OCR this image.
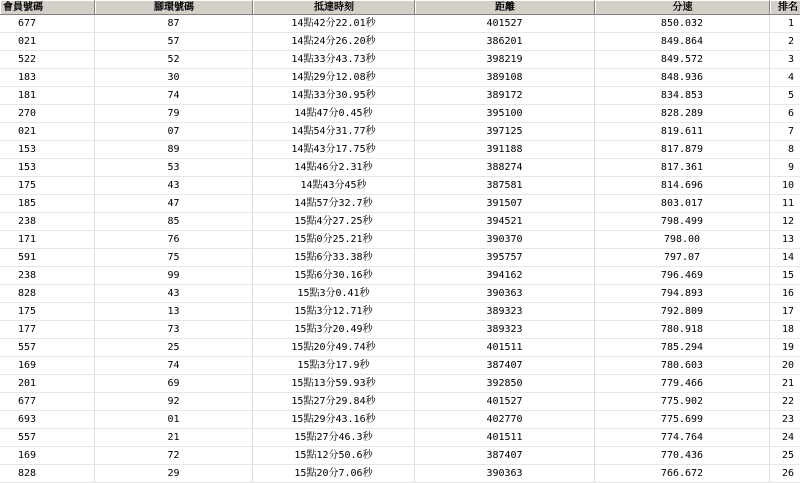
會員號碼	腳環號碼	抵達時刻	距離	分速	排名
677	87	14點42分22.01秒	401527	850.032	1
021	57	14點24分26.20秒	386201	849.864	2
522	52	14點33分43.73秒	398219	849.572	3
183	30	14點29分12.08秒	389108	848.936	4
181	74	14點33分30.95秒	389172	834.853	5
270	79	14點47分0.45秒	395100	828.289	6
021	07	14點54分31.77秒	397125	819.611	7
153	89	14點43分17.75秒	391188	817.879	8
153	53	14點46分2.31秒	388274	817.361	9
175	43	14點43分45秒	387581	814.696	10
185	47	14點57分32.7秒	391507	803.017	11
238	85	15點4分27.25秒	394521	798.499	12
171	76	15點0分25.21秒	390370	798.00	13
591	75	15點6分33.38秒	395757	797.07	14
238	99	15點6分30.16秒	394162	796.469	15
828	43	15點3分0.41秒	390363	794.893	16
175	13	15點3分12.71秒	389323	792.809	17
177	73	15點3分20.49秒	389323	780.918	18
557	25	15點20分49.74秒	401511	785.294	19
169	74	15點3分17.9秒	387407	780.603	20
201	69	15點13分59.93秒	392850	779.466	21
677	92	15點27分29.84秒	401527	775.902	22
693	01	15點29分43.16秒	402770	775.699	23
557	21	15點27分46.3秒	401511	774.764	24
169	72	15點12分50.6秒	387407	770.436	25
828	29	15點20分7.06秒	390363	766.672	26
